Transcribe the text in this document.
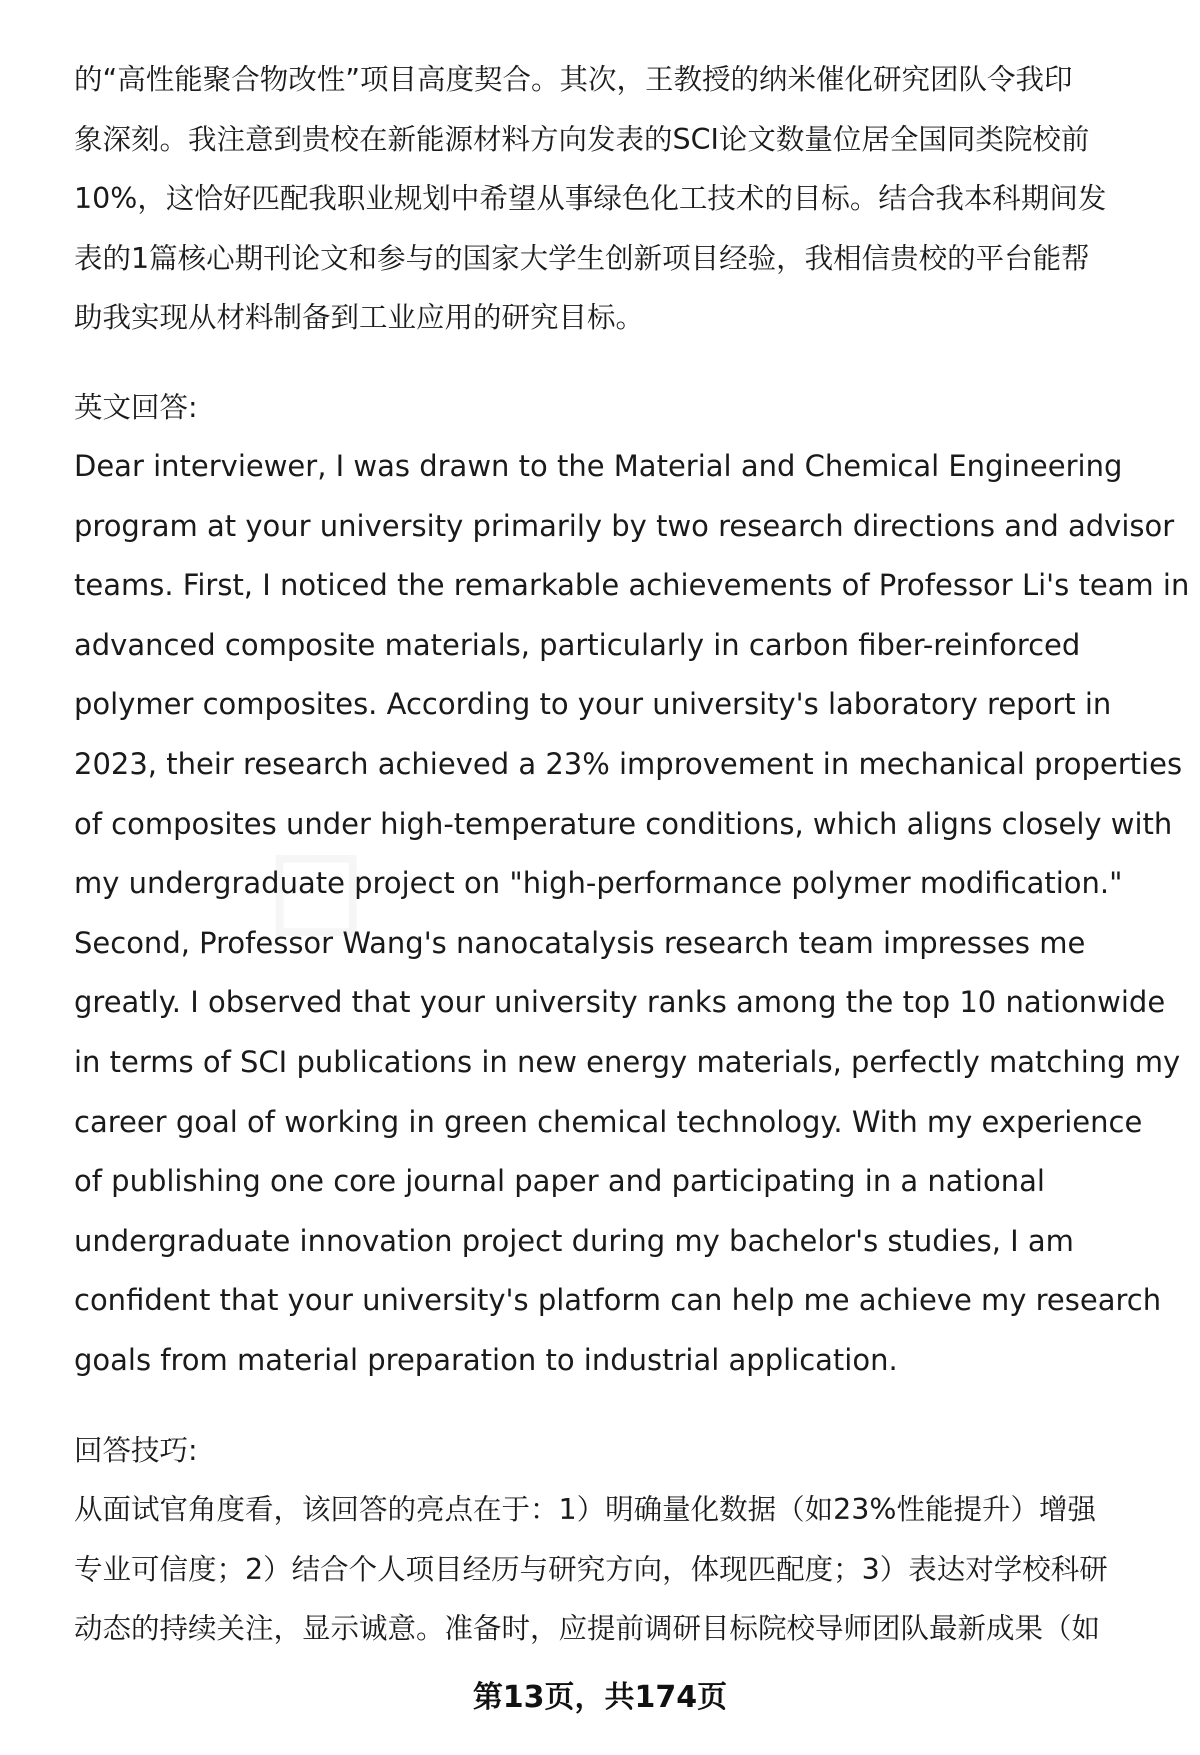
的“高性能聚合物改性”项目高度契合。其次，王教授的纳米催化研究团队令我印
象深刻。我注意到贵校在新能源材料方向发表的SCI论文数量位居全国同类院校前
10%，这恰好匹配我职业规划中希望从事绿色化工技术的目标。结合我本科期间发
表的1篇核心期刊论文和参与的国家大学生创新项目经验，我相信贵校的平台能帮
助我实现从材料制备到工业应用的研究目标。

英文回答:

Dear interviewer, I was drawn to the Material and Chemical Engineering
program at your university primarily by two research directions and advisor
teams. First, I noticed the remarkable achievements of Professor Li's team in
advanced composite materials, particularly in carbon fiber-reinforced
polymer composites. According to your university's laboratory report in
2023, their research achieved a 23% improvement in mechanical properties
of composites under high-temperature conditions, which aligns closely with
my undergraduate project on "high-performance polymer modification."
Second, Professor Wang's nanocatalysis research team impresses me
greatly. I observed that your university ranks among the top 10 nationwide
in terms of SCI publications in new energy materials, perfectly matching my
career goal of working in green chemical technology. With my experience
of publishing one core journal paper and participating in a national
undergraduate innovation project during my bachelor's studies, I am
confident that your university's platform can help me achieve my research
goals from material preparation to industrial application.

回答技巧:

从面试官角度看，该回答的亮点在于：1）明确量化数据（如23%性能提升）增强
专业可信度；2）结合个人项目经历与研究方向，体现匹配度；3）表达对学校科研
动态的持续关注，显示诚意。准备时，应提前调研目标院校导师团队最新成果（如

第13页，共174页
